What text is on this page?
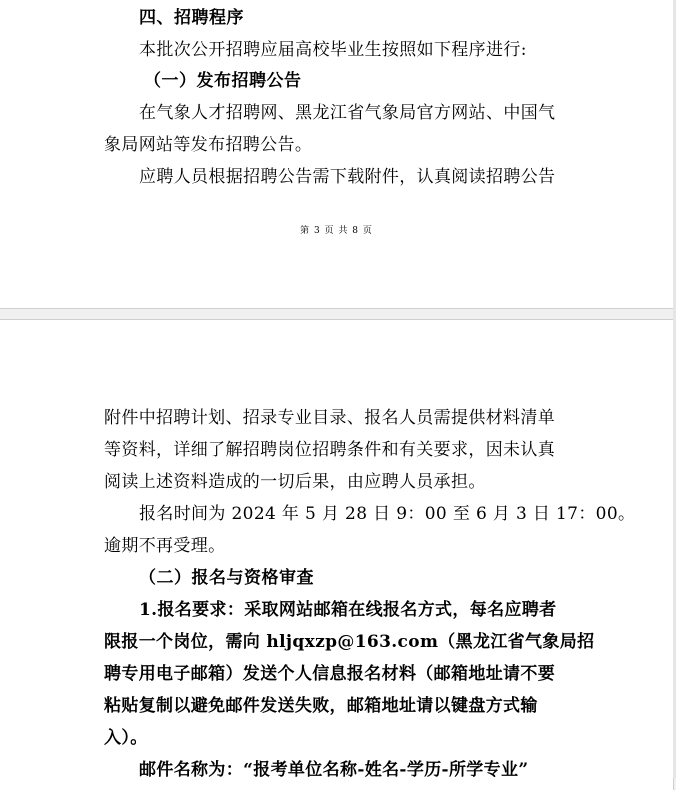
四、招聘程序
本批次公开招聘应届高校毕业生按照如下程序进行:
（一）发布招聘公告
在气象人才招聘网、黑龙江省气象局官方网站、中国气
象局网站等发布招聘公告。
应聘人员根据招聘公告需下载附件，认真阅读招聘公告
第 3 页 共 8 页
附件中招聘计划、招录专业目录、报名人员需提供材料清单
等资料，详细了解招聘岗位招聘条件和有关要求，因未认真
阅读上述资料造成的一切后果，由应聘人员承担。
报名时间为 2024 年 5 月 28 日 9：00 至 6 月 3 日 17：00。
逾期不再受理。
（二）报名与资格审查
1.报名要求：采取网站邮箱在线报名方式，每名应聘者
限报一个岗位，需向 hljqxzp@163.com（黑龙江省气象局招
聘专用电子邮箱）发送个人信息报名材料（邮箱地址请不要
粘贴复制以避免邮件发送失败，邮箱地址请以键盘方式输
入）。
邮件名称为：“报考单位名称-姓名-学历-所学专业”
